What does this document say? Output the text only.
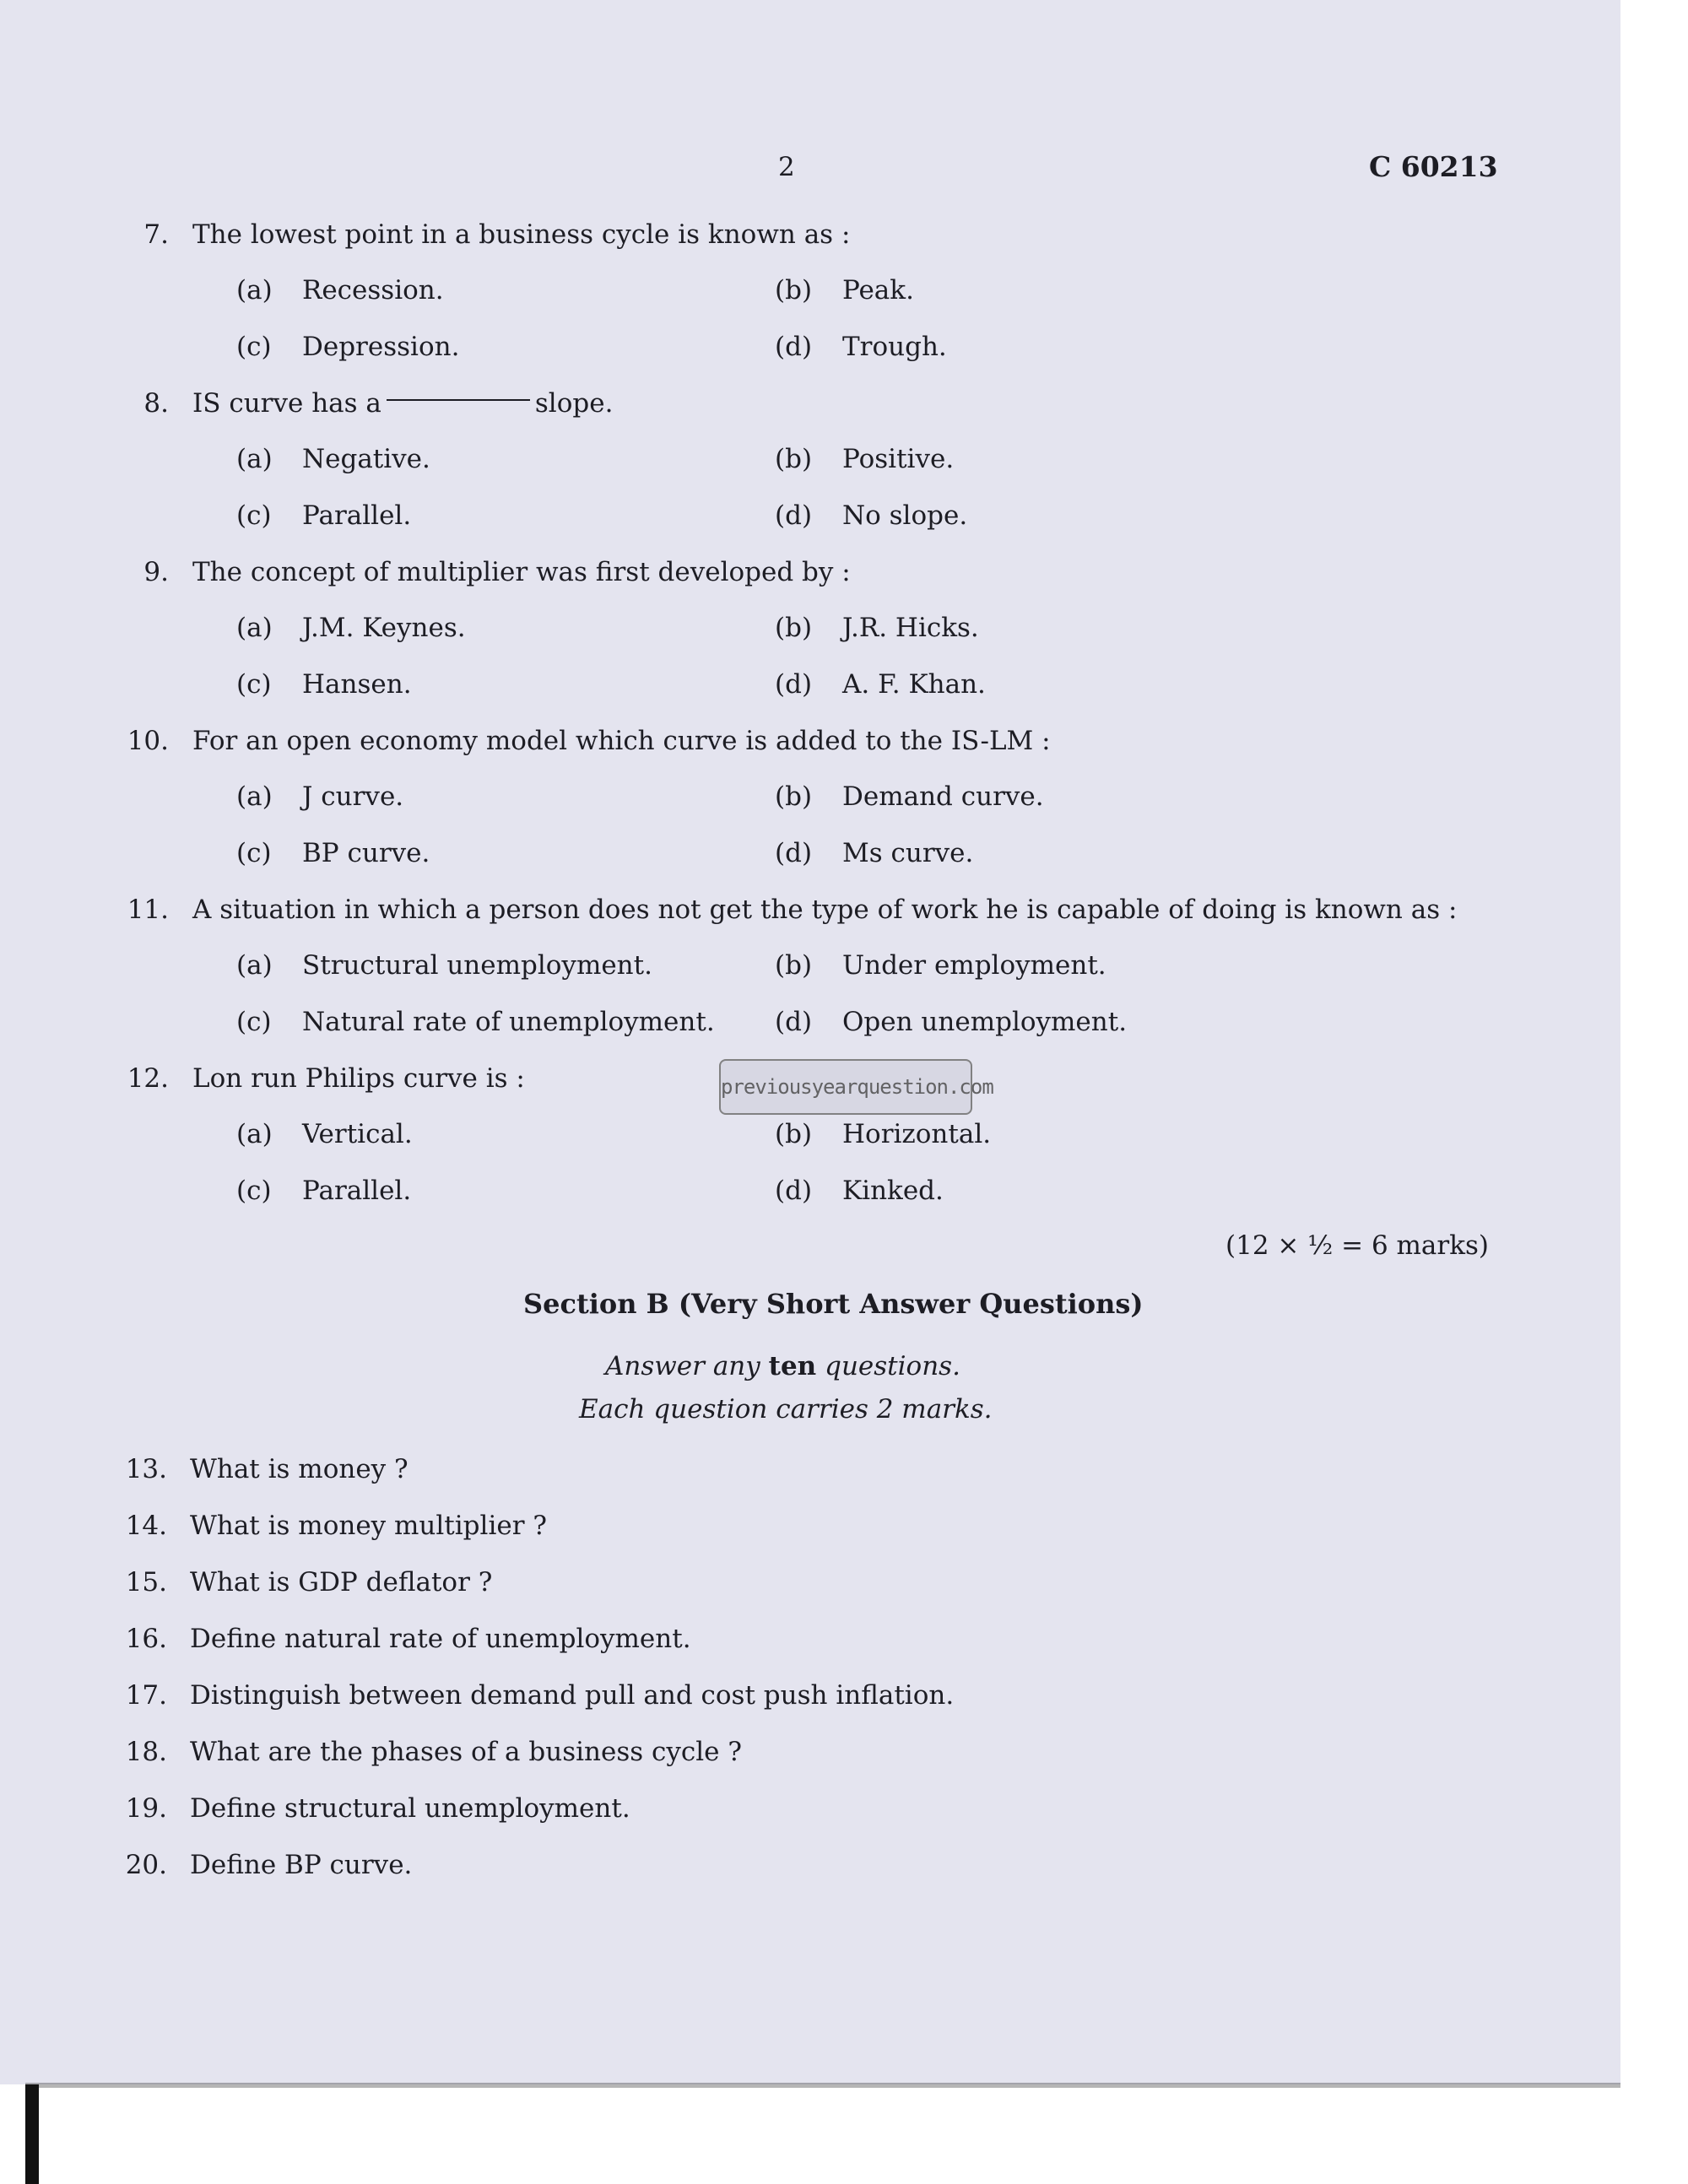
2	C 60213
7. The lowest point in a business cycle is known as :
(a) Recession.	(b) Peak.
(c) Depression.	(d) Trough.
8. IS curve has a	slope.
(a) Negative.	(b) Positive.
(c) Parallel.	(d) No slope.
9. The concept of multiplier was first developed by :
(a) J.M. Keynes.	(b) J.R. Hicks.
(c) Hansen.	(d) A. F. Khan.
10. For an open economy model which curve is added to the IS-LM :
(a) J curve.	(b) Demand curve.
(c) BP curve.	(d) Ms curve.
11. A situation in which a person does not get the type of work he is capable of doing is known as :
(a) Structural unemployment.	(b) Under employment.
(c) Natural rate of unemployment. (d) Open unemployment.
12. Lon run Philips curve is :
(a) Vertical.	(b) Horizontal.
(c) Parallel.	(d) Kinked.
(12 × ½ = 6 marks)
Section B (Very Short Answer Questions)
Answer any ten questions.
Each question carries 2 marks.
13. What is money ?
14. What is money multiplier ?
15. What is GDP deflator ?
16. Define natural rate of unemployment.
17. Distinguish between demand pull and cost push inflation.
18. What are the phases of a business cycle ?
19. Define structural unemployment.
20. Define BP curve.
previousyearquestion.com
